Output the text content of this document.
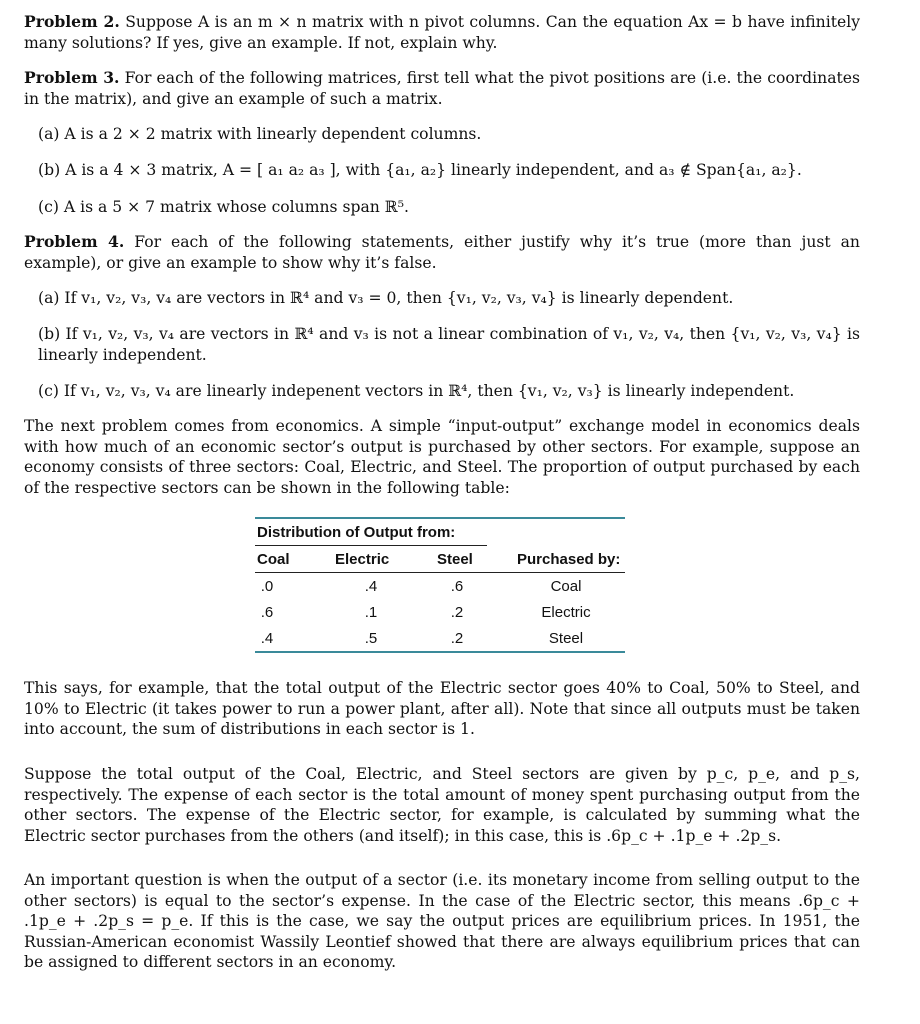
Problem 2. Suppose A is an m × n matrix with n pivot columns. Can the equation Ax = b have infinitely many solutions? If yes, give an example. If not, explain why.

Problem 3. For each of the following matrices, first tell what the pivot positions are (i.e. the coordinates in the matrix), and give an example of such a matrix.

(a) A is a 2 × 2 matrix with linearly dependent columns.

(b) A is a 4 × 3 matrix, A = [ a₁ a₂ a₃ ], with {a₁, a₂} linearly independent, and a₃ ∉ Span{a₁, a₂}.

(c) A is a 5 × 7 matrix whose columns span ℝ⁵.

Problem 4. For each of the following statements, either justify why it’s true (more than just an example), or give an example to show why it’s false.

(a) If v₁, v₂, v₃, v₄ are vectors in ℝ⁴ and v₃ = 0, then {v₁, v₂, v₃, v₄} is linearly dependent.

(b) If v₁, v₂, v₃, v₄ are vectors in ℝ⁴ and v₃ is not a linear combination of v₁, v₂, v₄, then {v₁, v₂, v₃, v₄} is linearly independent.

(c) If v₁, v₂, v₃, v₄ are linearly indepenent vectors in ℝ⁴, then {v₁, v₂, v₃} is linearly independent.

The next problem comes from economics. A simple “input-output” exchange model in economics deals with how much of an economic sector’s output is purchased by other sectors. For example, suppose an economy consists of three sectors: Coal, Electric, and Steel. The proportion of output purchased by each of the respective sectors can be shown in the following table:

Distribution of Output from:
Coal	Electric	Steel	Purchased by:
.0	.4	.6	Coal
.6	.1	.2	Electric
.4	.5	.2	Steel

This says, for example, that the total output of the Electric sector goes 40% to Coal, 50% to Steel, and 10% to Electric (it takes power to run a power plant, after all). Note that since all outputs must be taken into account, the sum of distributions in each sector is 1.

Suppose the total output of the Coal, Electric, and Steel sectors are given by p_c, p_e, and p_s, respectively. The expense of each sector is the total amount of money spent purchasing output from the other sectors. The expense of the Electric sector, for example, is calculated by summing what the Electric sector purchases from the others (and itself); in this case, this is .6p_c + .1p_e + .2p_s.

An important question is when the output of a sector (i.e. its monetary income from selling output to the other sectors) is equal to the sector’s expense. In the case of the Electric sector, this means .6p_c + .1p_e + .2p_s = p_e. If this is the case, we say the output prices are equilibrium prices. In 1951, the Russian-American economist Wassily Leontief showed that there are always equilibrium prices that can be assigned to different sectors in an economy.
